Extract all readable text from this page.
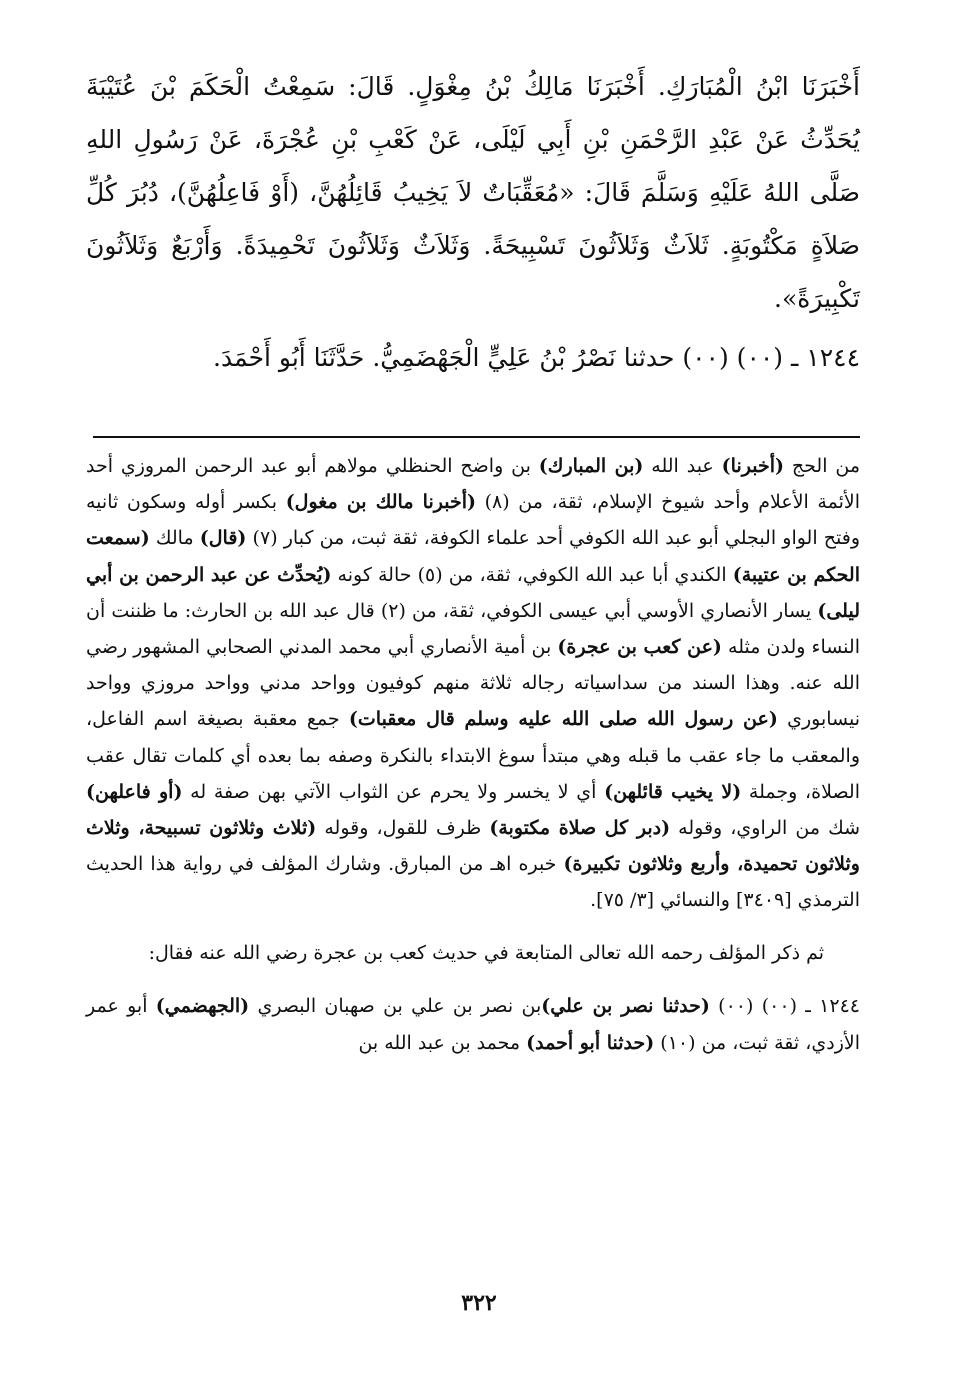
أَخْبَرَنَا ابْنُ الْمُبَارَكِ. أَخْبَرَنَا مَالِكُ بْنُ مِغْوَلٍ. قَالَ: سَمِعْتُ الْحَكَمَ بْنَ عُتَيْبَةَ يُحَدِّثُ عَنْ عَبْدِ الرَّحْمَنِ بْنِ أَبِي لَيْلَى، عَنْ كَعْبِ بْنِ عُجْرَةَ، عَنْ رَسُولِ اللهِ صَلَّى اللهُ عَلَيْهِ وَسَلَّمَ قَالَ: «مُعَقِّبَاتٌ لاَ يَخِيبُ قَائِلُهُنَّ، (أَوْ فَاعِلُهُنَّ)، دُبُرَ كُلِّ صَلاَةٍ مَكْتُوبَةٍ. ثَلاَثٌ وَثَلاَثُونَ تَسْبِيحَةً. وَثَلاَثٌ وَثَلاَثُونَ تَحْمِيدَةً. وَأَرْبَعٌ وَثَلاَثُونَ تَكْبِيرَةً».

١٢٤٤ ـ (٠٠) (٠٠) حدثنا نَصْرُ بْنُ عَلِيٍّ الْجَهْضَمِيُّ. حَدَّثَنَا أَبُو أَحْمَدَ.

من الحج (أخبرنا) عبد الله (بن المبارك) بن واضح الحنظلي مولاهم أبو عبد الرحمن المروزي أحد الأئمة الأعلام وأحد شيوخ الإسلام، ثقة، من (٨) (أخبرنا مالك بن مغول) بكسر أوله وسكون ثانيه وفتح الواو البجلي أبو عبد الله الكوفي أحد علماء الكوفة، ثقة ثبت، من كبار (٧) (قال) مالك (سمعت الحكم بن عتيبة) الكندي أبا عبد الله الكوفي، ثقة، من (٥) حالة كونه (يُحدِّث عن عبد الرحمن بن أبي ليلى) يسار الأنصاري الأوسي أبي عيسى الكوفي، ثقة، من (٢) قال عبد الله بن الحارث: ما ظننت أن النساء ولدن مثله (عن كعب بن عجرة) بن أمية الأنصاري أبي محمد المدني الصحابي المشهور رضي الله عنه. وهذا السند من سداسياته رجاله ثلاثة منهم كوفيون وواحد مدني وواحد مروزي وواحد نيسابوري (عن رسول الله صلى الله عليه وسلم قال معقبات) جمع معقبة بصيغة اسم الفاعل، والمعقب ما جاء عقب ما قبله وهي مبتدأ سوغ الابتداء بالنكرة وصفه بما بعده أي كلمات تقال عقب الصلاة، وجملة (لا يخيب قائلهن) أي لا يخسر ولا يحرم عن الثواب الآتي بهن صفة له (أو فاعلهن) شك من الراوي، وقوله (دبر كل صلاة مكتوبة) ظرف للقول، وقوله (ثلاث وثلاثون تسبيحة، وثلاث وثلاثون تحميدة، وأربع وثلاثون تكبيرة) خبره اهـ من المبارق. وشارك المؤلف في رواية هذا الحديث الترمذي [٣٤٠٩] والنسائي [٣/ ٧٥].

ثم ذكر المؤلف رحمه الله تعالى المتابعة في حديث كعب بن عجرة رضي الله عنه فقال:

١٢٤٤ ـ (٠٠) (٠٠) (حدثنا نصر بن علي)بن نصر بن علي بن صهبان البصري (الجهضمي) أبو عمر الأزدي، ثقة ثبت، من (١٠) (حدثنا أبو أحمد) محمد بن عبد الله بن

٣٢٢
